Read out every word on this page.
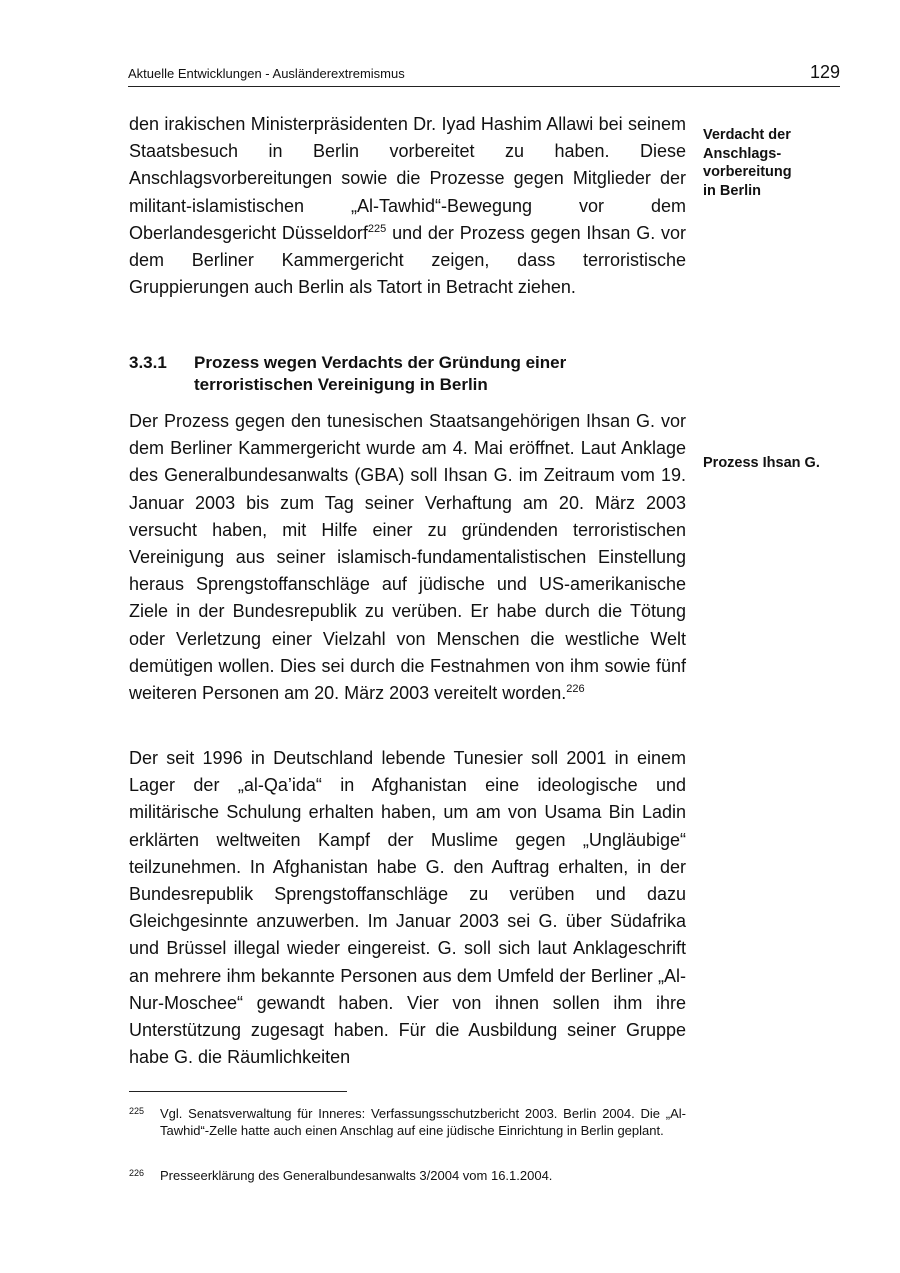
Aktuelle Entwicklungen - Ausländerextremismus	129

den irakischen Ministerpräsidenten Dr. Iyad Hashim Allawi bei seinem Staatsbesuch in Berlin vorbereitet zu haben. Diese Anschlagsvorbereitungen sowie die Prozesse gegen Mitglieder der militant-islamistischen „Al-Tawhid“-Bewegung vor dem Oberlandesgericht Düsseldorf$^{225}$ und der Prozess gegen Ihsan G. vor dem Berliner Kammergericht zeigen, dass terroristische Gruppierungen auch Berlin als Tatort in Betracht ziehen.

Verdacht der Anschlags-
vorbereitung
in Berlin
3.3.1 Prozess wegen Verdachts der Gründung einer terroristischen Vereinigung in Berlin

Der Prozess gegen den tunesischen Staatsangehörigen Ihsan G. vor dem Berliner Kammergericht wurde am 4. Mai eröffnet. Laut Anklage des Generalbundesanwalts (GBA) soll Ihsan G. im Zeitraum vom 19. Januar 2003 bis zum Tag seiner Verhaftung am 20. März 2003 versucht haben, mit Hilfe einer zu gründenden terroristischen Vereinigung aus seiner islamisch-fundamentalistischen Einstellung heraus Sprengstoffanschläge auf jüdische und US-amerikanische Ziele in der Bundesrepublik zu verüben. Er habe durch die Tötung oder Verletzung einer Vielzahl von Menschen die westliche Welt demütigen wollen. Dies sei durch die Festnahmen von ihm sowie fünf weiteren Personen am 20. März 2003 vereitelt worden.$^{226}$

Prozess Ihsan G.

Der seit 1996 in Deutschland lebende Tunesier soll 2001 in einem Lager der „al-Qa’ida“ in Afghanistan eine ideologische und militärische Schulung erhalten haben, um am von Usama Bin Ladin erklärten weltweiten Kampf der Muslime gegen „Ungläubige“ teilzunehmen. In Afghanistan habe G. den Auftrag erhalten, in der Bundesrepublik Sprengstoffanschläge zu verüben und dazu Gleichgesinnte anzuwerben. Im Januar 2003 sei G. über Südafrika und Brüssel illegal wieder eingereist. G. soll sich laut Anklageschrift an mehrere ihm bekannte Personen aus dem Umfeld der Berliner „Al-Nur-Moschee“ gewandt haben. Vier von ihnen sollen ihm ihre Unterstützung zugesagt haben. Für die Ausbildung seiner Gruppe habe G. die Räumlichkeiten

225 Vgl. Senatsverwaltung für Inneres: Verfassungsschutzbericht 2003. Berlin 2004. Die „Al-Tawhid“-Zelle hatte auch einen Anschlag auf eine jüdische Einrichtung in Berlin geplant.
226 Presseerklärung des Generalbundesanwalts 3/2004 vom 16.1.2004.
